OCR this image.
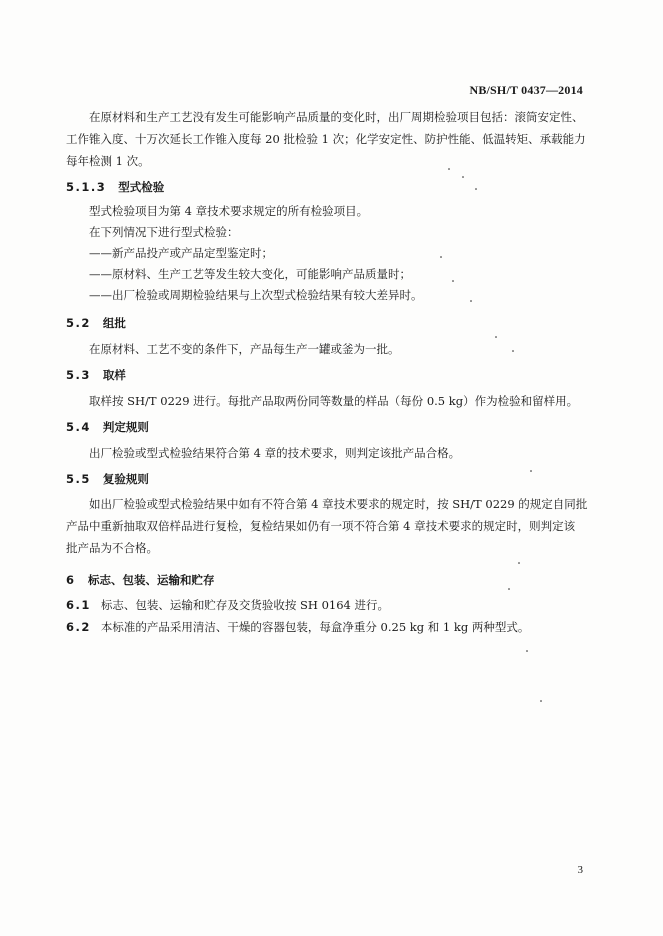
NB/SH/T 0437—2014
在原材料和生产工艺没有发生可能影响产品质量的变化时，出厂周期检验项目包括：滚筒安定性、
工作锥入度、十万次延长工作锥入度每 20 批检验 1 次；化学安定性、防护性能、低温转矩、承载能力
每年检测 1 次。
5.1.3 型式检验
型式检验项目为第 4 章技术要求规定的所有检验项目。
在下列情况下进行型式检验：
——新产品投产或产品定型鉴定时；
——原材料、生产工艺等发生较大变化，可能影响产品质量时；
——出厂检验或周期检验结果与上次型式检验结果有较大差异时。
5.2 组批
在原材料、工艺不变的条件下，产品每生产一罐或釜为一批。
5.3 取样
取样按 SH/T 0229 进行。每批产品取两份同等数量的样品（每份 0.5 kg）作为检验和留样用。
5.4 判定规则
出厂检验或型式检验结果符合第 4 章的技术要求，则判定该批产品合格。
5.5 复验规则
如出厂检验或型式检验结果中如有不符合第 4 章技术要求的规定时，按 SH/T 0229 的规定自同批
产品中重新抽取双倍样品进行复检，复检结果如仍有一项不符合第 4 章技术要求的规定时，则判定该
批产品为不合格。
6 标志、包装、运输和贮存
6.1 标志、包装、运输和贮存及交货验收按 SH 0164 进行。
6.2 本标准的产品采用清洁、干燥的容器包装，每盒净重分 0.25 kg 和 1 kg 两种型式。
3
